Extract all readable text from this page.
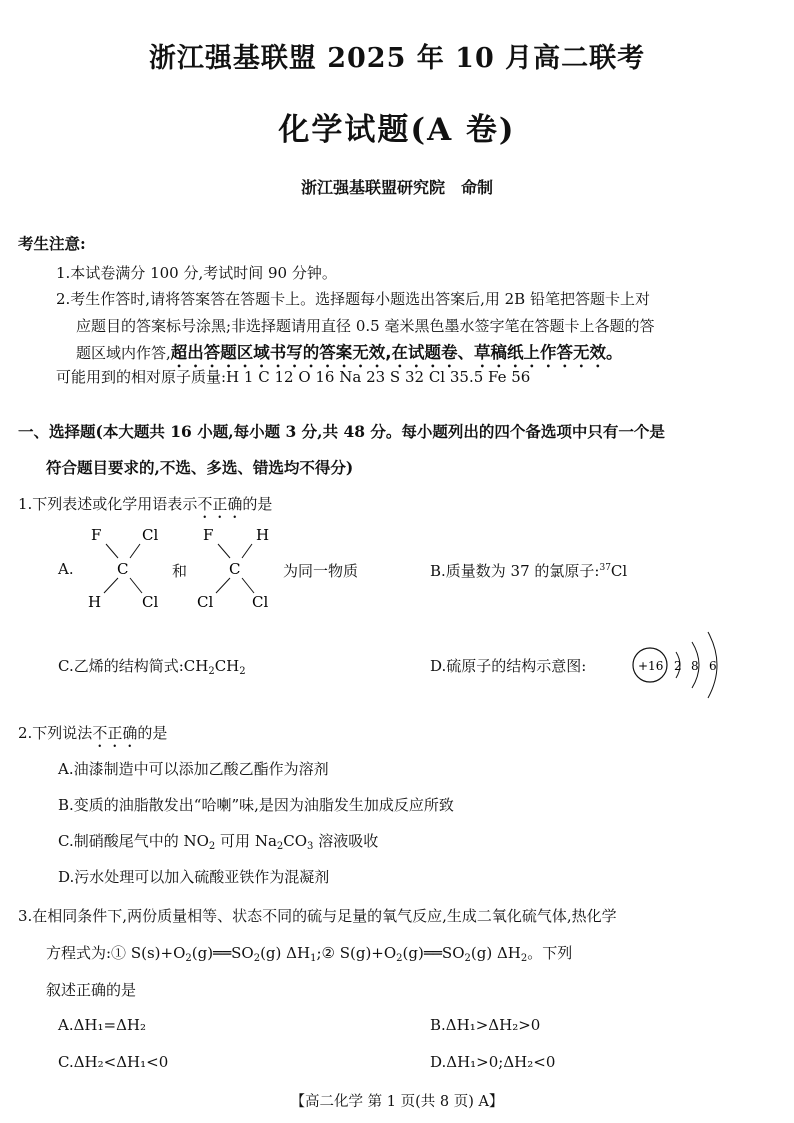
浙江强基联盟 2025 年 10 月高二联考
化学试题(A 卷)
浙江强基联盟研究院 命制
考生注意:
1.本试卷满分 100 分,考试时间 90 分钟。
2.考生作答时,请将答案答在答题卡上。选择题每小题选出答案后,用 2B 铅笔把答题卡上对
应题目的答案标号涂黑;非选择题请用直径 0.5 毫米黑色墨水签字笔在答题卡上各题的答
题区域内作答,超出答题区域书写的答案无效,在试题卷、草稿纸上作答无效。
可能用到的相对原子质量:H 1 C 12 O 16 Na 23 S 32 Cl 35.5 Fe 56
一、选择题(本大题共 16 小题,每小题 3 分,共 48 分。每小题列出的四个备选项中只有一个是
符合题目要求的,不选、多选、错选均不得分)
1.下列表述或化学用语表示不正确的是
A.
F	Cl
C
H	Cl
和
F	H
C
Cl	Cl
为同一物质	B.质量数为 37 的氯原子:$^{37}$Cl
C.乙烯的结构简式$:CH_2CH_2$	D.硫原子的结构示意图:	+16 2 8 6
2.下列说法不正确的是
A.油漆制造中可以添加乙酸乙酯作为溶剂
B.变质的油脂散发出“哈喇”味,是因为油脂发生加成反应所致
C.制硝酸尾气中的 $NO_2$ 可用 $Na_2CO_3$ 溶液吸收
D.污水处理可以加入硫酸亚铁作为混凝剂
3.在相同条件下,两份质量相等、状态不同的硫与足量的氧气反应,生成二氧化硫气体,热化学
方程式为:① $S(s)+O_2(g)══SO_2(g)$ $\Delta H_1;②$ $S(g)+O_2(g)══SO_2(g)$ $\Delta H_2$。下列
叙述正确的是
A.ΔH₁=ΔH₂	B.ΔH₁>ΔH₂>0
C.ΔH₂<ΔH₁<0	D.ΔH₁>0;ΔH₂<0
【高二化学 第 1 页(共 8 页) A】
